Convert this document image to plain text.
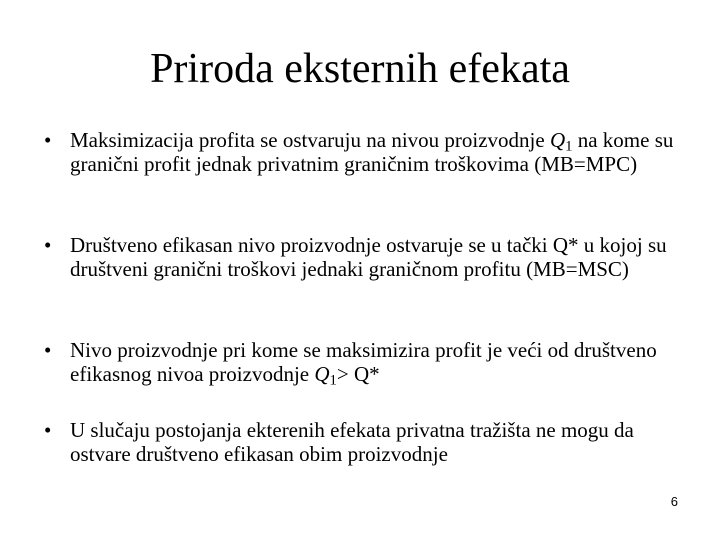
Priroda eksternih efekata
• Maksimizacija profita se ostvaruju na nivou proizvodnje $Q_1$ na kome su granični profit jednak privatnim graničnim troškovima (MB=MPC)
• Društveno efikasan nivo proizvodnje ostvaruje se u tački Q* u kojoj su društveni granični troškovi jednaki graničnom profitu (MB=MSC)
• Nivo proizvodnje pri kome se maksimizira profit je veći od društveno efikasnog nivoa proizvodnje $Q_1> Q*$
• U slučaju postojanja ekterenih efekata privatna tražišta ne mogu da ostvare društveno efikasan obim proizvodnje
6
